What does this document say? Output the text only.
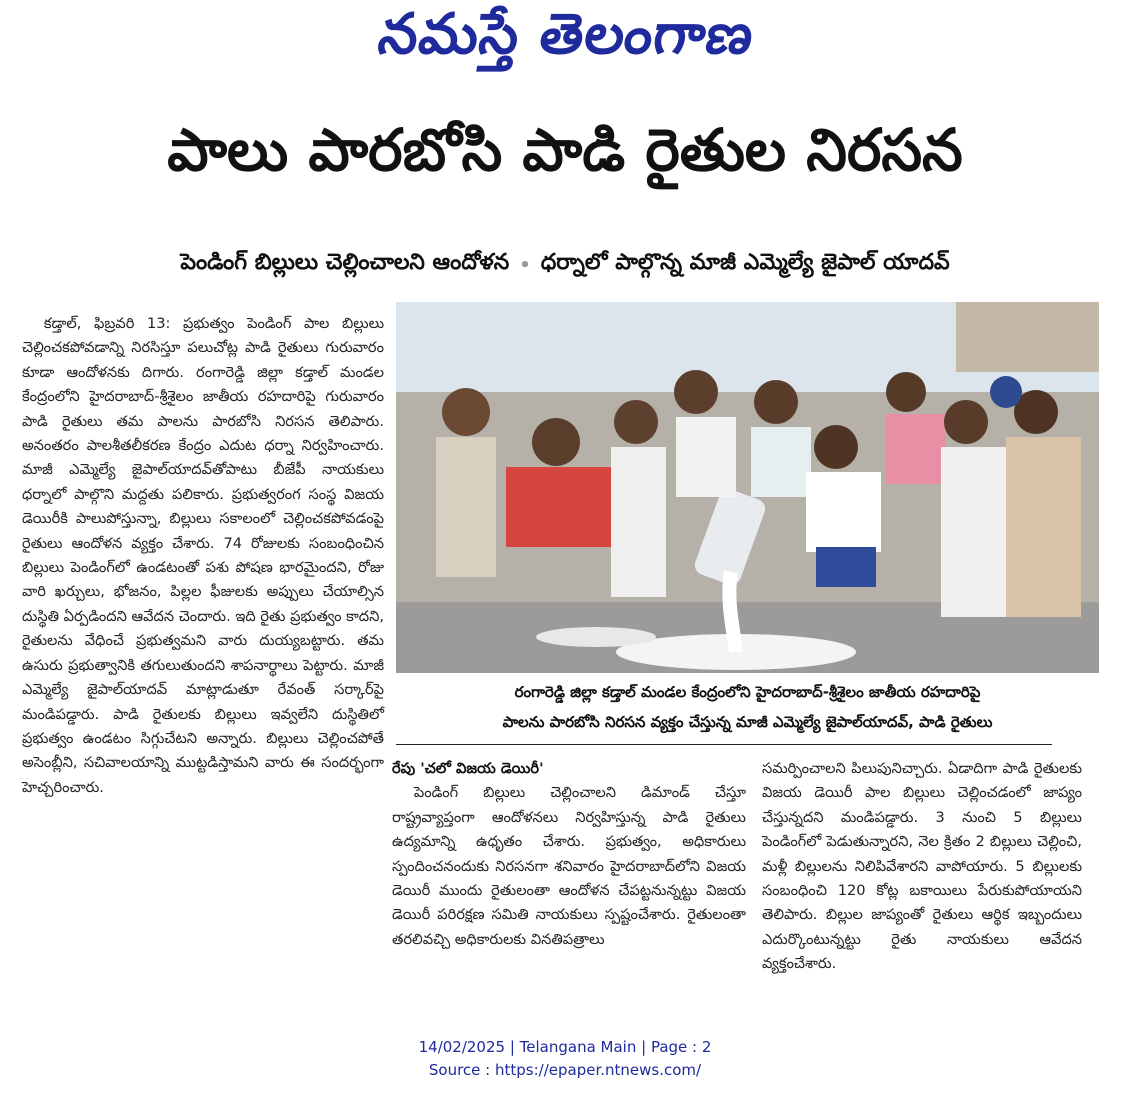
నమస్తే తెలంగాణ
పాలు పారబోసి పాడి రైతుల నిరసన
పెండింగ్ బిల్లులు చెల్లించాలని ఆందోళన • ధర్నాలో పాల్గొన్న మాజీ ఎమ్మెల్యే జైపాల్ యాదవ్

కడ్తాల్, ఫిబ్రవరి 13: ప్రభుత్వం పెండింగ్ పాల బిల్లులు చెల్లించకపోవడాన్ని నిరసిస్తూ పలుచోట్ల పాడి రైతులు గురువారం కూడా ఆందోళనకు దిగారు. రంగారెడ్డి జిల్లా కడ్తాల్ మండల కేంద్రంలోని హైదరాబాద్-శ్రీశైలం జాతీయ రహదారిపై గురువారం పాడి రైతులు తమ పాలను పారబోసి నిరసన తెలిపారు. అనంతరం పాలశీతలీకరణ కేంద్రం ఎదుట ధర్నా నిర్వహించారు. మాజీ ఎమ్మెల్యే జైపాల్‌యాదవ్‌తోపాటు బీజేపీ నాయకులు ధర్నాలో పాల్గొని మద్దతు పలికారు. ప్రభుత్వరంగ సంస్థ విజయ డెయిరీకి పాలుపోస్తున్నా, బిల్లులు సకాలంలో చెల్లించకపోవడంపై రైతులు ఆందోళన వ్యక్తం చేశారు. 74 రోజులకు సంబంధించిన బిల్లులు పెండింగ్‌లో ఉండటంతో పశు పోషణ భారమైందని, రోజు వారి ఖర్చులు, భోజనం, పిల్లల ఫీజులకు అప్పులు చేయాల్సిన దుస్థితి ఏర్పడిందని ఆవేదన చెందారు. ఇది రైతు ప్రభుత్వం కాదని, రైతులను వేధించే ప్రభుత్వమని వారు దుయ్యబట్టారు. తమ ఉసురు ప్రభుత్వానికి తగులుతుందని శాపనార్థాలు పెట్టారు. మాజీ ఎమ్మెల్యే జైపాల్‌యాదవ్ మాట్లాడుతూ రేవంత్ సర్కార్‌పై మండిపడ్డారు. పాడి రైతులకు బిల్లులు ఇవ్వలేని దుస్థితిలో ప్రభుత్వం ఉండటం సిగ్గుచేటని అన్నారు. బిల్లులు చెల్లించపోతే అసెంబ్లీని, సచివాలయాన్ని ముట్టడిస్తామని వారు ఈ సందర్భంగా హెచ్చరించారు.

రంగారెడ్డి జిల్లా కడ్తాల్ మండల కేంద్రంలోని హైదరాబాద్-శ్రీశైలం జాతీయ రహదారిపై
పాలను పారబోసి నిరసన వ్యక్తం చేస్తున్న మాజీ ఎమ్మెల్యే జైపాల్‌యాదవ్, పాడి రైతులు

రేపు 'చలో విజయ డెయిరీ'

పెండింగ్ బిల్లులు చెల్లించాలని డిమాండ్ చేస్తూ రాష్ట్రవ్యాప్తంగా ఆందోళనలు నిర్వహిస్తున్న పాడి రైతులు ఉద్యమాన్ని ఉధృతం చేశారు. ప్రభుత్వం, అధికారులు స్పందించనందుకు నిరసనగా శనివారం హైదరాబాద్‌లోని విజయ డెయిరీ ముందు రైతులంతా ఆందోళన చేపట్టనున్నట్టు విజయ డెయిరీ పరిరక్షణ సమితి నాయకులు స్పష్టంచేశారు. రైతులంతా తరలివచ్చి అధికారులకు వినతిపత్రాలు

సమర్పించాలని పిలుపునిచ్చారు. ఏడాదిగా పాడి రైతులకు విజయ డెయిరీ పాల బిల్లులు చెల్లించడంలో జాప్యం చేస్తున్నదని మండిపడ్డారు. 3 నుంచి 5 బిల్లులు పెండింగ్‌లో పెడుతున్నారని, నెల క్రితం 2 బిల్లులు చెల్లించి, మళ్లీ బిల్లులను నిలిపివేశారని వాపోయారు. 5 బిల్లులకు సంబంధించి 120 కోట్ల బకాయిలు పేరుకుపోయాయని తెలిపారు. బిల్లుల జాప్యంతో రైతులు ఆర్థిక ఇబ్బందులు ఎదుర్కొంటున్నట్టు రైతు నాయకులు ఆవేదన వ్యక్తంచేశారు.

14/02/2025 | Telangana Main | Page : 2
Source : https://epaper.ntnews.com/
